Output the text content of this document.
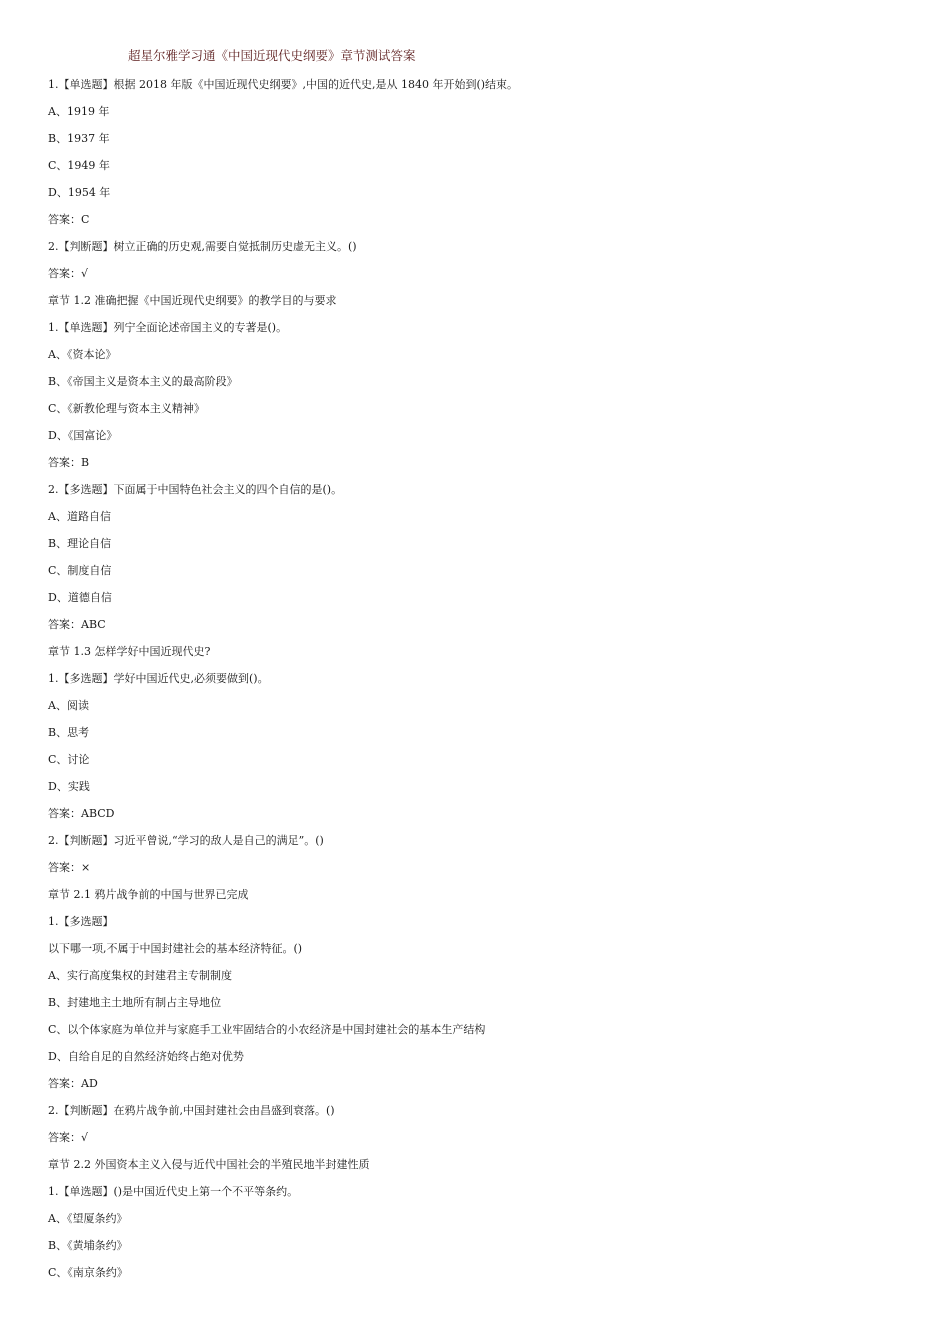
超星尔雅学习通《中国近现代史纲要》章节测试答案
1.【单选题】根据 2018 年版《中国近现代史纲要》,中国的近代史,是从 1840 年开始到()结束。
A、1919 年
B、1937 年
C、1949 年
D、1954 年
答案：C
2.【判断题】树立正确的历史观,需要自觉抵制历史虚无主义。()
答案：√
章节 1.2 准确把握《中国近现代史纲要》的教学目的与要求
1.【单选题】列宁全面论述帝国主义的专著是()。
A、《资本论》
B、《帝国主义是资本主义的最高阶段》
C、《新教伦理与资本主义精神》
D、《国富论》
答案：B
2.【多选题】下面属于中国特色社会主义的四个自信的是()。
A、道路自信
B、理论自信
C、制度自信
D、道德自信
答案：ABC
章节 1.3 怎样学好中国近现代史?
1.【多选题】学好中国近代史,必须要做到()。
A、阅读
B、思考
C、讨论
D、实践
答案：ABCD
2.【判断题】习近平曾说,“学习的敌人是自己的满足”。()
答案：×
章节 2.1 鸦片战争前的中国与世界已完成
1.【多选题】
以下哪一项,不属于中国封建社会的基本经济特征。()
A、实行高度集权的封建君主专制制度
B、封建地主土地所有制占主导地位
C、以个体家庭为单位并与家庭手工业牢固结合的小农经济是中国封建社会的基本生产结构
D、自给自足的自然经济始终占绝对优势
答案：AD
2.【判断题】在鸦片战争前,中国封建社会由昌盛到衰落。()
答案：√
章节 2.2 外国资本主义入侵与近代中国社会的半殖民地半封建性质
1.【单选题】()是中国近代史上第一个不平等条约。
A、《望厦条约》
B、《黄埔条约》
C、《南京条约》
